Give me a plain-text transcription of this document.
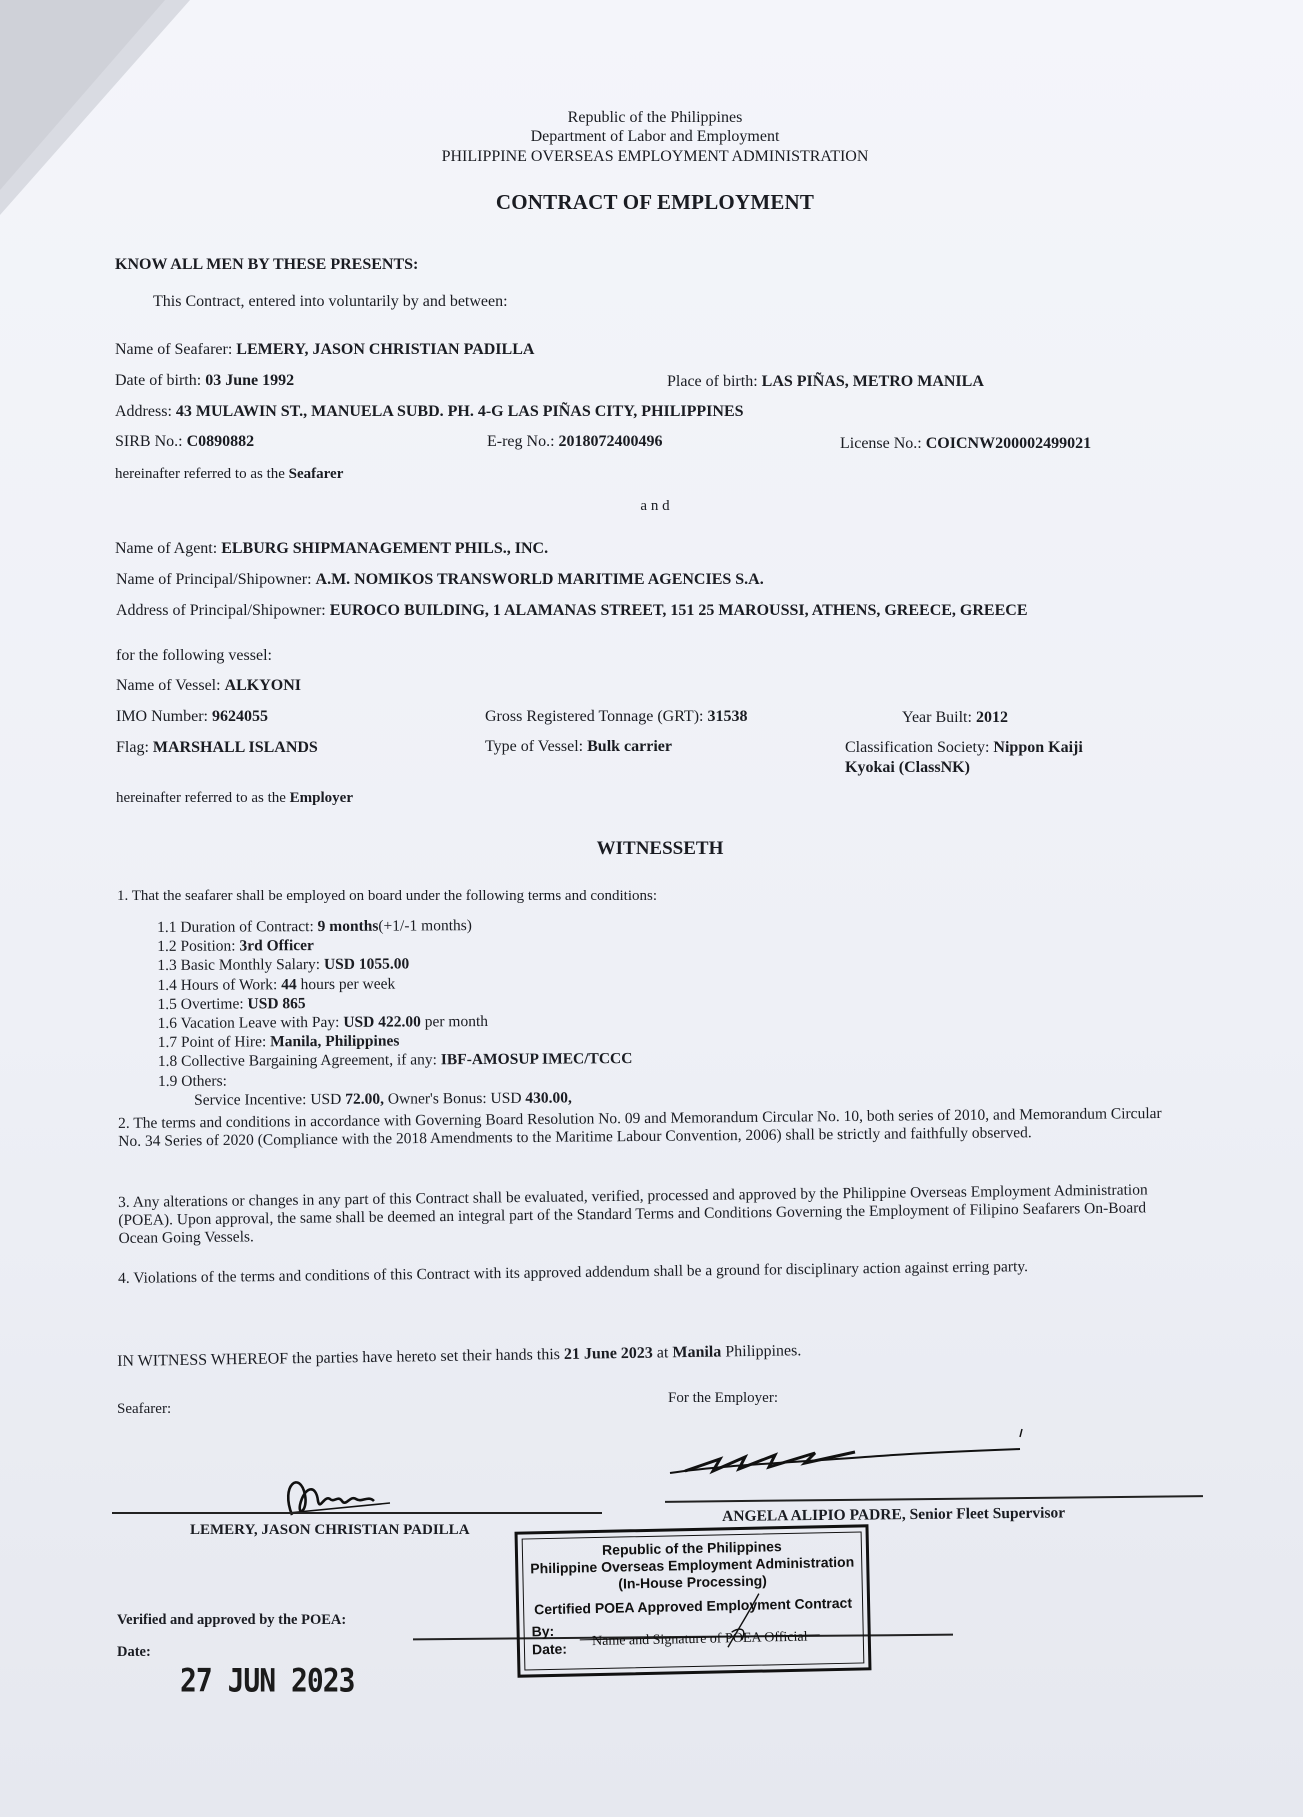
Republic of the Philippines
Department of Labor and Employment
PHILIPPINE OVERSEAS EMPLOYMENT ADMINISTRATION
CONTRACT OF EMPLOYMENT
KNOW ALL MEN BY THESE PRESENTS:
This Contract, entered into voluntarily by and between:
Name of Seafarer: LEMERY, JASON CHRISTIAN PADILLA
Date of birth: 03 June 1992	Place of birth: LAS PIÑAS, METRO MANILA
Address: 43 MULAWIN ST., MANUELA SUBD. PH. 4-G LAS PIÑAS CITY, PHILIPPINES
SIRB No.: C0890882	E-reg No.: 2018072400496	License No.: COICNW200002499021
hereinafter referred to as the Seafarer
a n d
Name of Agent: ELBURG SHIPMANAGEMENT PHILS., INC.
Name of Principal/Shipowner: A.M. NOMIKOS TRANSWORLD MARITIME AGENCIES S.A.
Address of Principal/Shipowner: EUROCO BUILDING, 1 ALAMANAS STREET, 151 25 MAROUSSI, ATHENS, GREECE, GREECE
for the following vessel:
Name of Vessel: ALKYONI
IMO Number: 9624055	Gross Registered Tonnage (GRT): 31538	Year Built: 2012
Flag: MARSHALL ISLANDS	Type of Vessel: Bulk carrier	Classification Society: Nippon Kaiji
Kyokai (ClassNK)
hereinafter referred to as the Employer
WITNESSETH
1. That the seafarer shall be employed on board under the following terms and conditions:
1.1 Duration of Contract: 9 months(+1/-1 months)
1.2 Position: 3rd Officer
1.3 Basic Monthly Salary: USD 1055.00
1.4 Hours of Work: 44 hours per week
1.5 Overtime: USD 865
1.6 Vacation Leave with Pay: USD 422.00 per month
1.7 Point of Hire: Manila, Philippines
1.8 Collective Bargaining Agreement, if any: IBF-AMOSUP IMEC/TCCC
1.9 Others:
Service Incentive: USD 72.00, Owner's Bonus: USD 430.00,
2. The terms and conditions in accordance with Governing Board Resolution No. 09 and Memorandum Circular No. 10, both series of 2010, and Memorandum Circular No. 34 Series of 2020 (Compliance with the 2018 Amendments to the Maritime Labour Convention, 2006) shall be strictly and faithfully observed.
3. Any alterations or changes in any part of this Contract shall be evaluated, verified, processed and approved by the Philippine Overseas Employment Administration (POEA). Upon approval, the same shall be deemed an integral part of the Standard Terms and Conditions Governing the Employment of Filipino Seafarers On-Board Ocean Going Vessels.
4. Violations of the terms and conditions of this Contract with its approved addendum shall be a ground for disciplinary action against erring party.
IN WITNESS WHEREOF the parties have hereto set their hands this 21 June 2023 at Manila Philippines.
Seafarer:
For the Employer:
LEMERY, JASON CHRISTIAN PADILLA
ANGELA ALIPIO PADRE, Senior Fleet Supervisor
Verified and approved by the POEA:
Date:
Republic of the Philippines
Philippine Overseas Employment Administration
(In-House Processing)
Certified POEA Approved Employment Contract
By:
Date:	Name and Signature of POEA Official
27 JUN 2023
